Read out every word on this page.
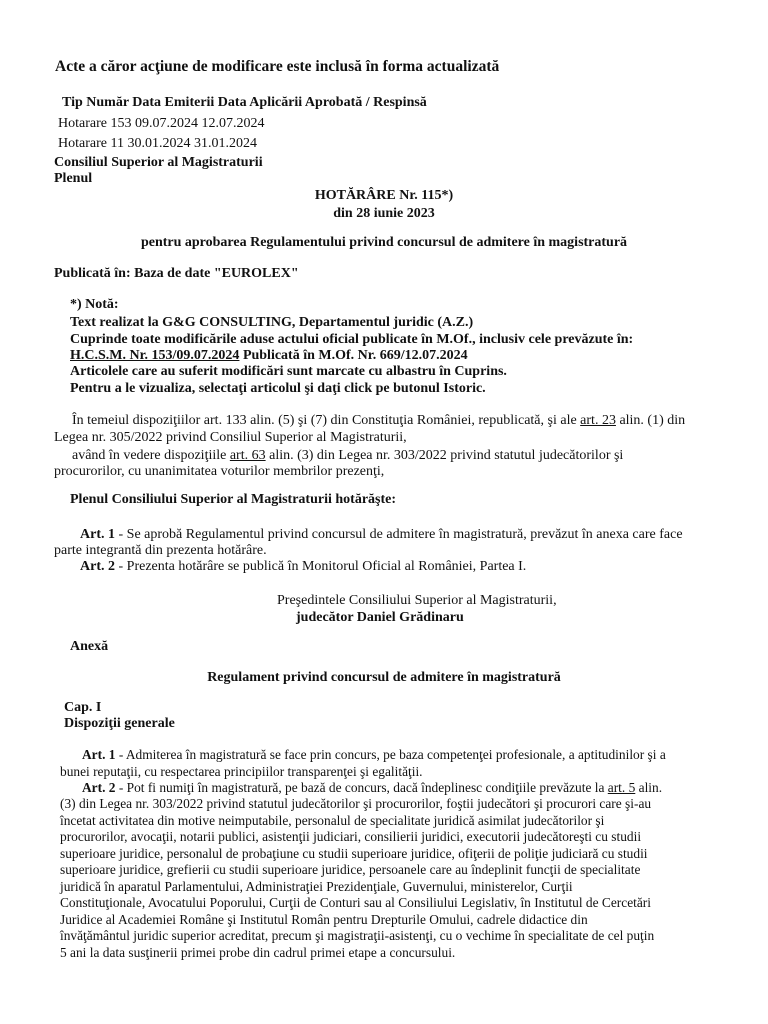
Acte a căror acţiune de modificare este inclusă în forma actualizată
Tip Număr Data Emiterii Data Aplicării Aprobată / Respinsă
Hotarare 153 09.07.2024 12.07.2024
Hotarare 11 30.01.2024 31.01.2024
Consiliul Superior al Magistraturii
Plenul
HOTĂRÂRE Nr. 115*)
din 28 iunie 2023
pentru aprobarea Regulamentului privind concursul de admitere în magistratură
Publicată în: Baza de date "EUROLEX"
*) Notă:
Text realizat la G&G CONSULTING, Departamentul juridic (A.Z.)
Cuprinde toate modificările aduse actului oficial publicate în M.Of., inclusiv cele prevăzute în:
H.C.S.M. Nr. 153/09.07.2024 Publicată în M.Of. Nr. 669/12.07.2024
Articolele care au suferit modificări sunt marcate cu albastru în Cuprins.
Pentru a le vizualiza, selectaţi articolul şi daţi click pe butonul Istoric.
În temeiul dispoziţiilor art. 133 alin. (5) şi (7) din Constituţia României, republicată, şi ale art. 23 alin. (1) din
Legea nr. 305/2022 privind Consiliul Superior al Magistraturii,
având în vedere dispoziţiile art. 63 alin. (3) din Legea nr. 303/2022 privind statutul judecătorilor şi
procurorilor, cu unanimitatea voturilor membrilor prezenţi,
Plenul Consiliului Superior al Magistraturii hotărăşte:
Art. 1 - Se aprobă Regulamentul privind concursul de admitere în magistratură, prevăzut în anexa care face
parte integrantă din prezenta hotărâre.
Art. 2 - Prezenta hotărâre se publică în Monitorul Oficial al României, Partea I.
Preşedintele Consiliului Superior al Magistraturii,
judecător Daniel Grădinaru
Anexă
Regulament privind concursul de admitere în magistratură
Cap. I
Dispoziţii generale
Art. 1 - Admiterea în magistratură se face prin concurs, pe baza competenţei profesionale, a aptitudinilor şi a
bunei reputaţii, cu respectarea principiilor transparenţei şi egalităţii.
Art. 2 - Pot fi numiţi în magistratură, pe bază de concurs, dacă îndeplinesc condiţiile prevăzute la art. 5 alin.
(3) din Legea nr. 303/2022 privind statutul judecătorilor şi procurorilor, foştii judecători şi procurori care şi-au
încetat activitatea din motive neimputabile, personalul de specialitate juridică asimilat judecătorilor şi
procurorilor, avocaţii, notarii publici, asistenţii judiciari, consilierii juridici, executorii judecătoreşti cu studii
superioare juridice, personalul de probaţiune cu studii superioare juridice, ofiţerii de poliţie judiciară cu studii
superioare juridice, grefierii cu studii superioare juridice, persoanele care au îndeplinit funcţii de specialitate
juridică în aparatul Parlamentului, Administraţiei Prezidenţiale, Guvernului, ministerelor, Curţii
Constituţionale, Avocatului Poporului, Curţii de Conturi sau al Consiliului Legislativ, în Institutul de Cercetări
Juridice al Academiei Române şi Institutul Român pentru Drepturile Omului, cadrele didactice din
învăţământul juridic superior acreditat, precum şi magistraţii-asistenţi, cu o vechime în specialitate de cel puţin
5 ani la data susţinerii primei probe din cadrul primei etape a concursului.
